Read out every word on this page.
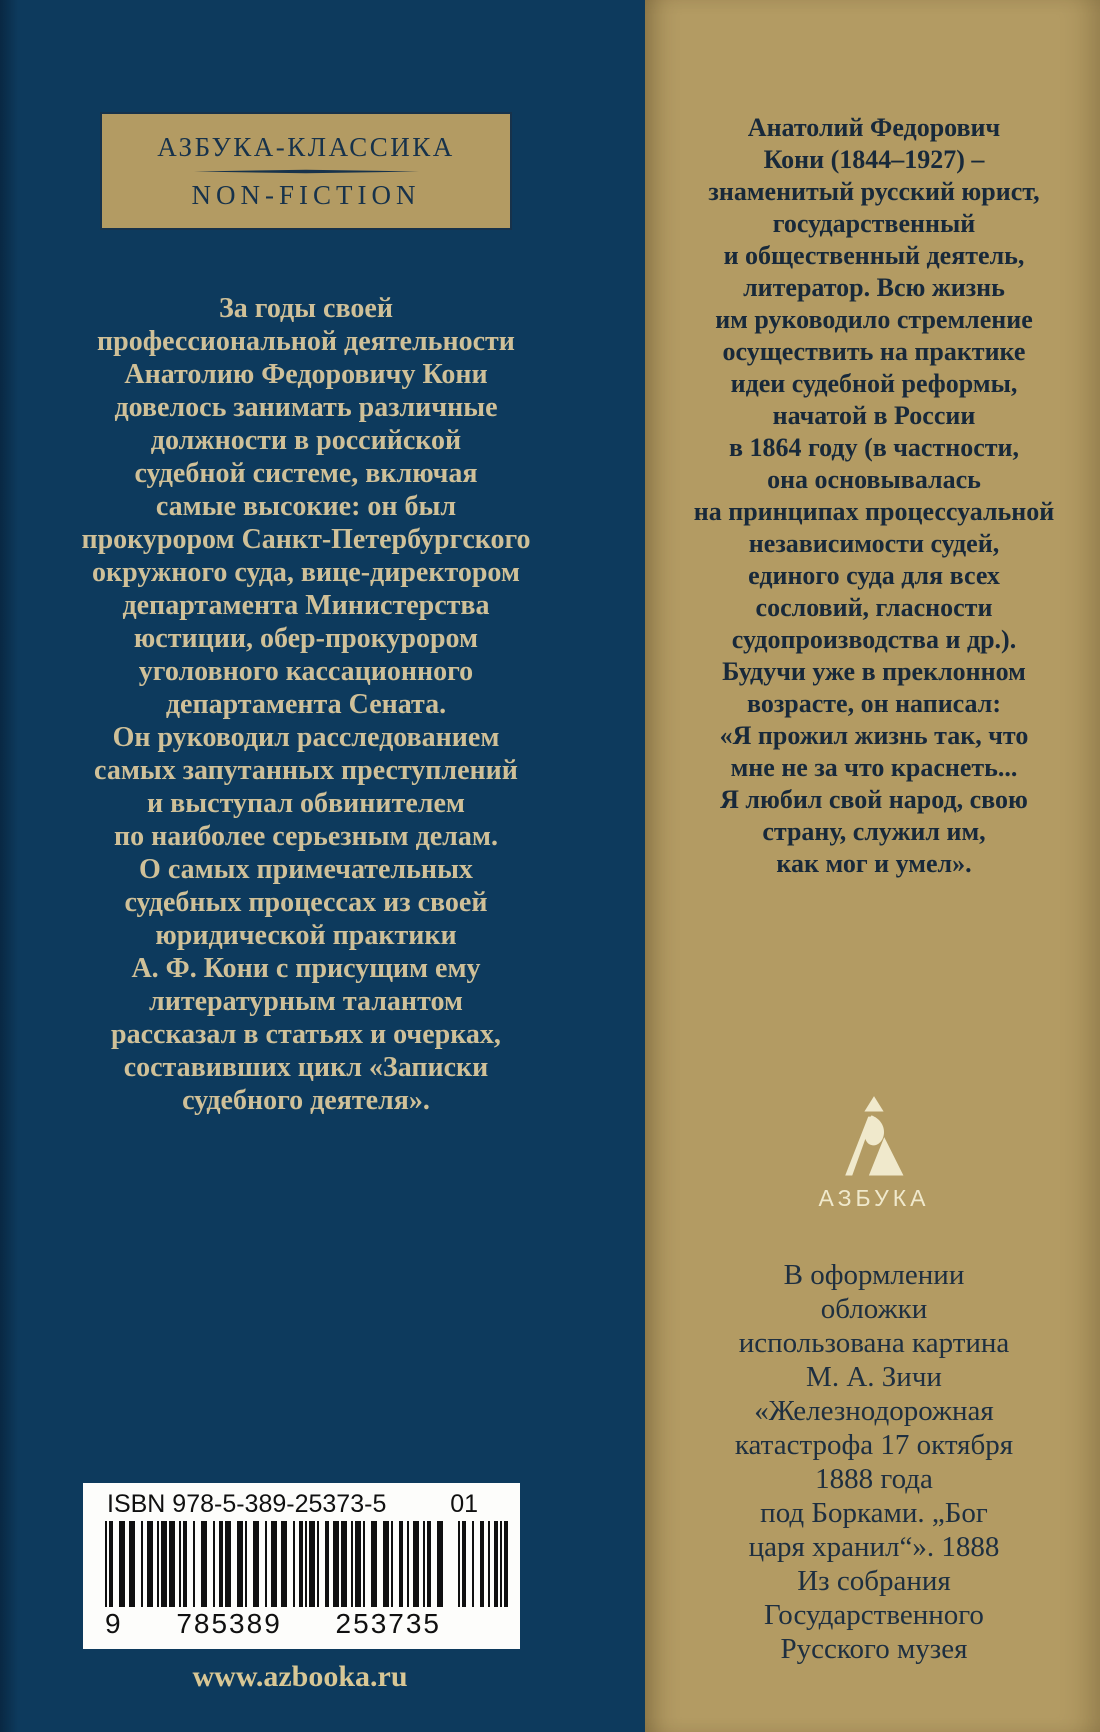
АЗБУКА-КЛАССИКА
NON-FICTION
За годы своей
профессиональной деятельности
Анатолию Федоровичу Кони
довелось занимать различные
должности в российской
судебной системе, включая
самые высокие: он был
прокурором Санкт-Петербургского
окружного суда, вице-директором
департамента Министерства
юстиции, обер-прокурором
уголовного кассационного
департамента Сената.
Он руководил расследованием
самых запутанных преступлений
и выступал обвинителем
по наиболее серьезным делам.
О самых примечательных
судебных процессах из своей
юридической практики
А. Ф. Кони с присущим ему
литературным талантом
рассказал в статьях и очерках,
составивших цикл «Записки
судебного деятеля».
Анатолий Федорович
Кони (1844–1927) –
знаменитый русский юрист,
государственный
и общественный деятель,
литератор. Всю жизнь
им руководило стремление
осуществить на практике
идеи судебной реформы,
начатой в России
в 1864 году (в частности,
она основывалась
на принципах процессуальной
независимости судей,
единого суда для всех
сословий, гласности
судопроизводства и др.).
Будучи уже в преклонном
возрасте, он написал:
«Я прожил жизнь так, что
мне не за что краснеть...
Я любил свой народ, свою
страну, служил им,
как мог и умел».
АЗБУКА
В оформлении
обложки
использована картина
М. А. Зичи
«Железнодорожная
катастрофа 17 октября
1888 года
под Борками. „Бог
царя хранил“». 1888
Из собрания
Государственного
Русского музея
ISBN 978-5-389-25373-5	01
9 785389 253735
www.azbooka.ru
